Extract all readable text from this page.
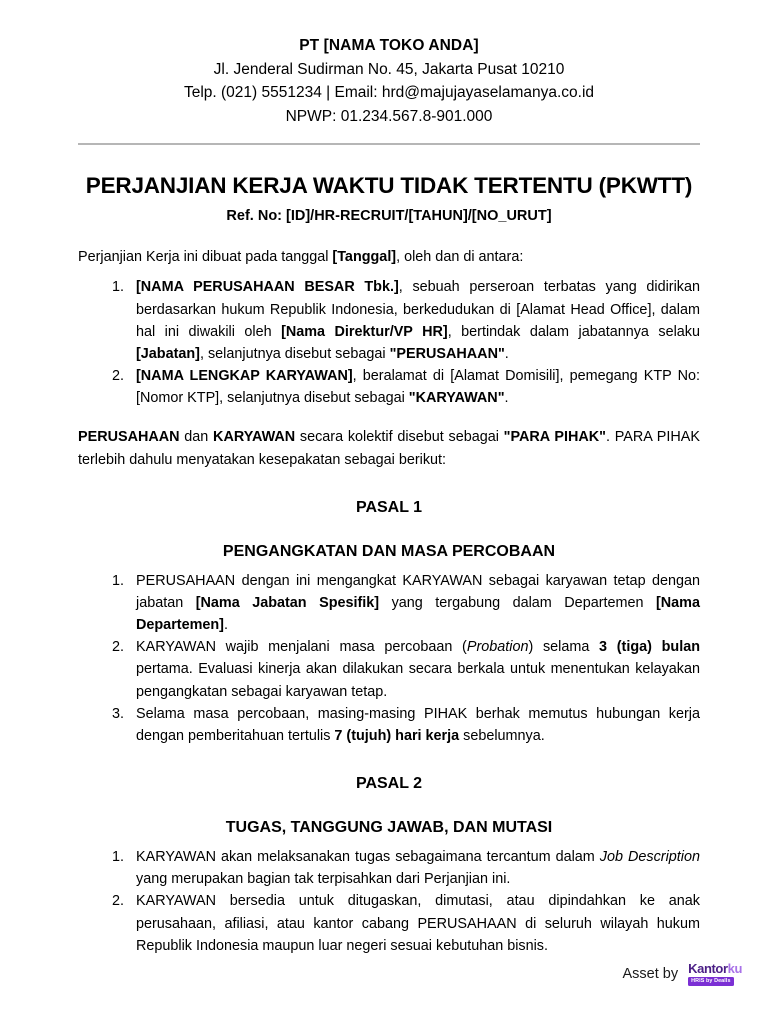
PT [NAMA TOKO ANDA]
Jl. Jenderal Sudirman No. 45, Jakarta Pusat 10210
Telp. (021) 5551234 | Email: hrd@majujayaselamanya.co.id
NPWP: 01.234.567.8-901.000
PERJANJIAN KERJA WAKTU TIDAK TERTENTU (PKWTT)
Ref. No: [ID]/HR-RECRUIT/[TAHUN]/[NO_URUT]

Perjanjian Kerja ini dibuat pada tanggal [Tanggal], oleh dan di antara:

1. [NAMA PERUSAHAAN BESAR Tbk.], sebuah perseroan terbatas yang didirikan berdasarkan hukum Republik Indonesia, berkedudukan di [Alamat Head Office], dalam hal ini diwakili oleh [Nama Direktur/VP HR], bertindak dalam jabatannya selaku [Jabatan], selanjutnya disebut sebagai "PERUSAHAAN".
2. [NAMA LENGKAP KARYAWAN], beralamat di [Alamat Domisili], pemegang KTP No: [Nomor KTP], selanjutnya disebut sebagai "KARYAWAN".

PERUSAHAAN dan KARYAWAN secara kolektif disebut sebagai "PARA PIHAK". PARA PIHAK terlebih dahulu menyatakan kesepakatan sebagai berikut:

PASAL 1
PENGANGKATAN DAN MASA PERCOBAAN
1. PERUSAHAAN dengan ini mengangkat KARYAWAN sebagai karyawan tetap dengan jabatan [Nama Jabatan Spesifik] yang tergabung dalam Departemen [Nama Departemen].
2. KARYAWAN wajib menjalani masa percobaan (Probation) selama 3 (tiga) bulan pertama. Evaluasi kinerja akan dilakukan secara berkala untuk menentukan kelayakan pengangkatan sebagai karyawan tetap.
3. Selama masa percobaan, masing-masing PIHAK berhak memutus hubungan kerja dengan pemberitahuan tertulis 7 (tujuh) hari kerja sebelumnya.
PASAL 2
TUGAS, TANGGUNG JAWAB, DAN MUTASI
1. KARYAWAN akan melaksanakan tugas sebagaimana tercantum dalam Job Description yang merupakan bagian tak terpisahkan dari Perjanjian ini.
2. KARYAWAN bersedia untuk ditugaskan, dimutasi, atau dipindahkan ke anak perusahaan, afiliasi, atau kantor cabang PERUSAHAAN di seluruh wilayah hukum Republik Indonesia maupun luar negeri sesuai kebutuhan bisnis.
Asset by Kantorku
HRIS by Dealls
